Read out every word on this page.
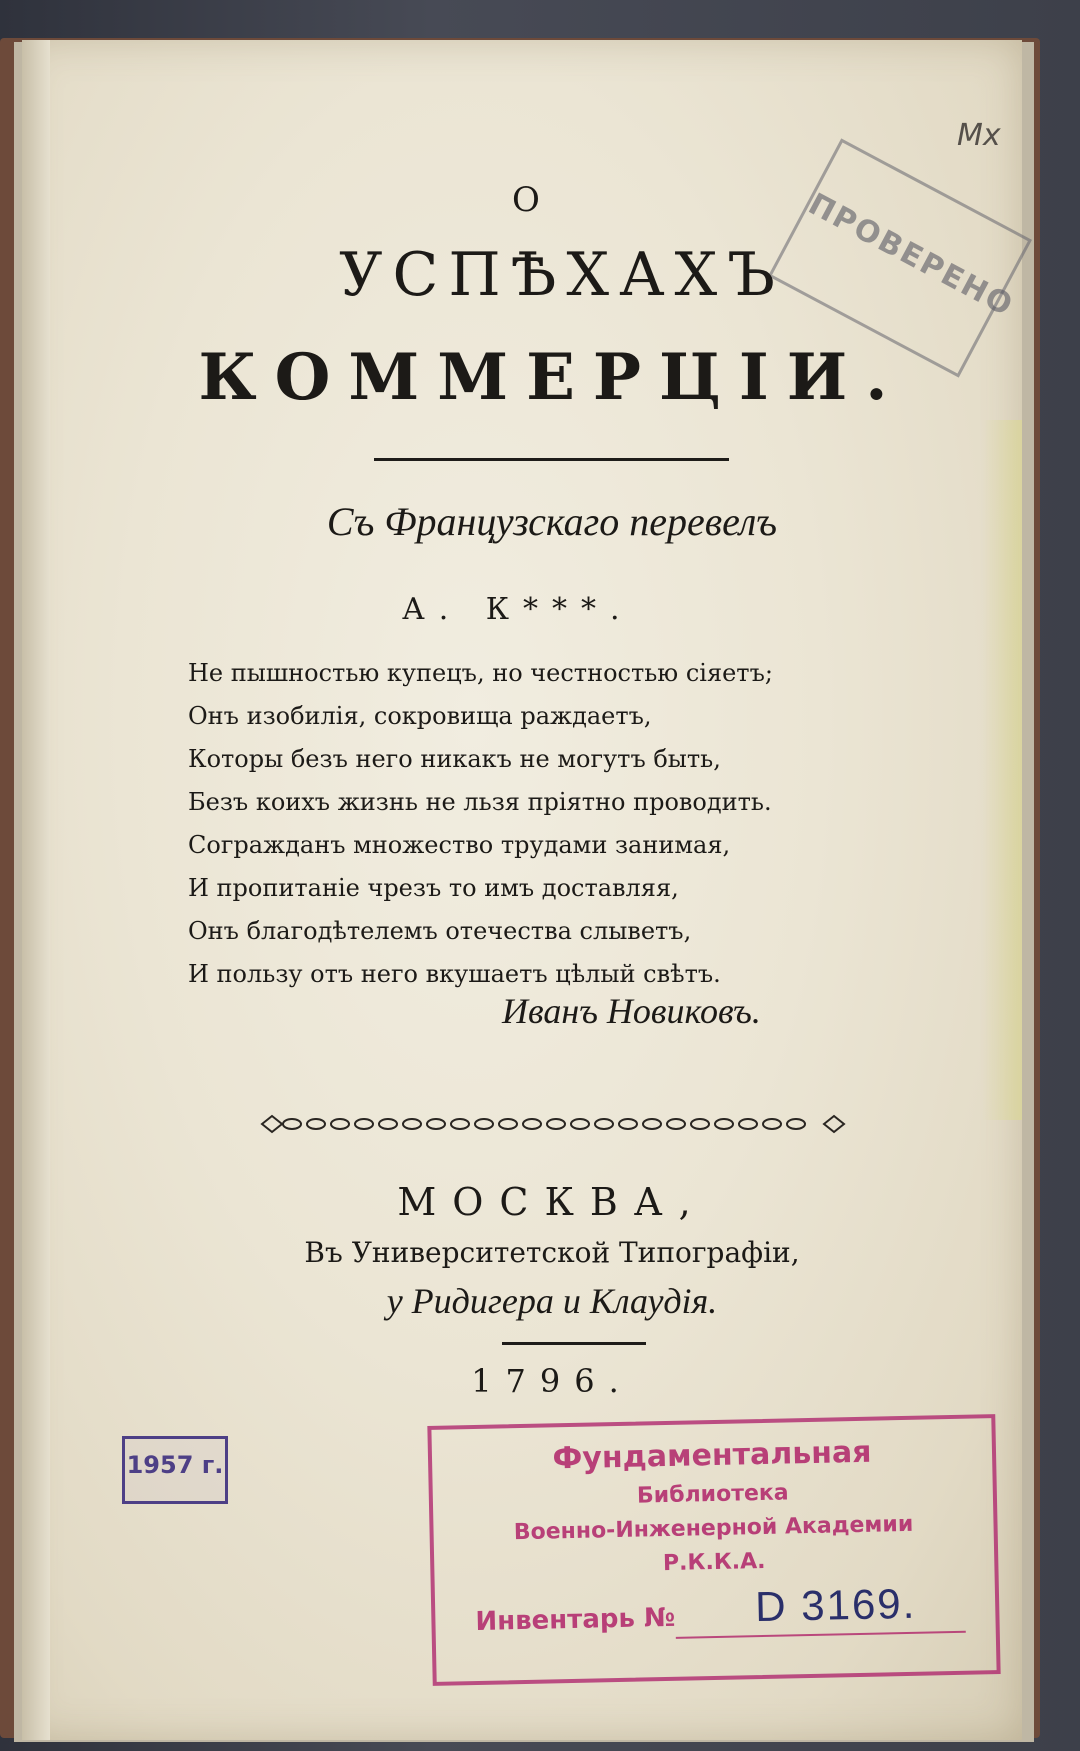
Mx
ПРОВЕРЕНО
О
УСПѢХАХЪ
КОММЕРЦІИ.
Съ Французскаго перевелъ
А. К***.
Не пышностью купецъ, но честностью сіяетъ;
Онъ изобилія, сокровища раждаетъ,
Которы безъ него никакъ не могутъ быть,
Безъ коихъ жизнь не льзя пріятно проводить.
Согражданъ множество трудами занимая,
И пропитаніе чрезъ то имъ доставляя,
Онъ благодѣтелемъ отечества слыветъ,
И пользу отъ него вкушаетъ цѣлый свѣтъ.
Иванъ Новиковъ.
МОСКВА,
Въ Университетской Типографіи,
у Ридигера и Клаудія.
1796.
1957 г.	Фундаментальная
Библиотека
Военно-Инженерной Академии
Р.К.К.А.
Инвентарь № D 3169.
